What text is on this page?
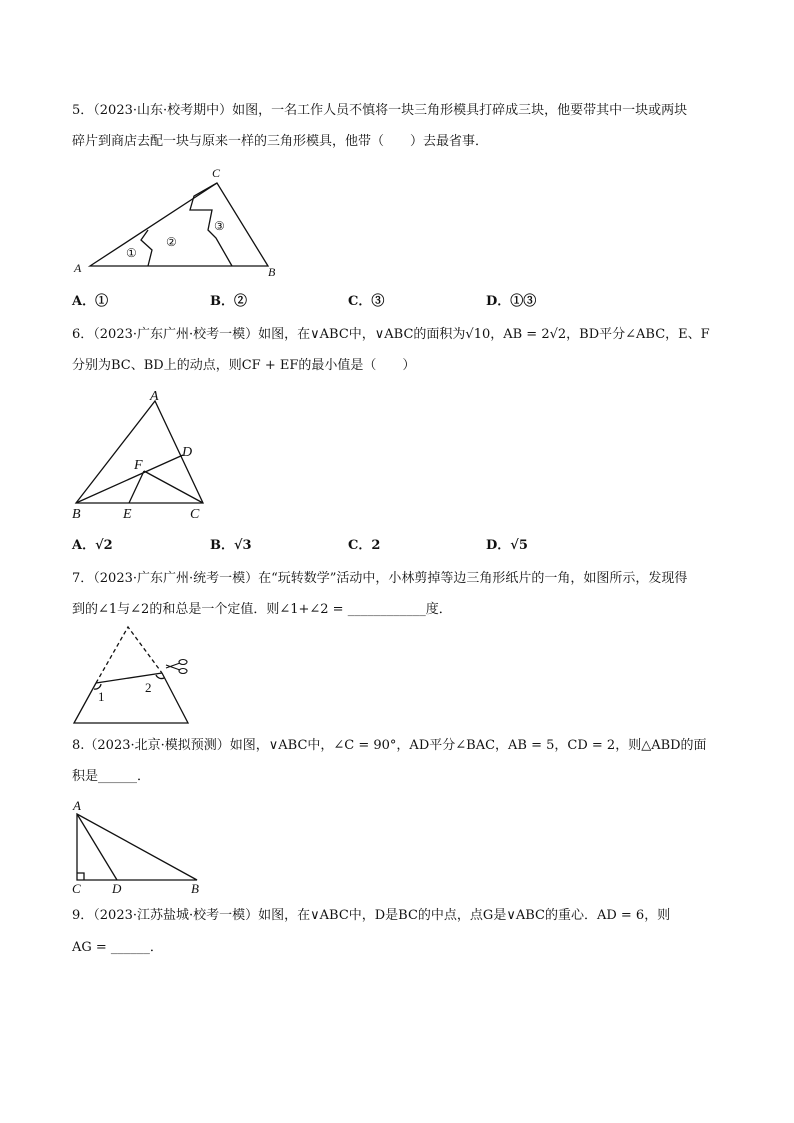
5．（2023·山东·校考期中）如图，一名工作人员不慎将一块三角形模具打碎成三块，他要带其中一块或两块
碎片到商店去配一块与原来一样的三角形模具，他带（　　）去最省事．
A	B
C
①
②
③
A．①	B．②	C．③	D．①③
6．（2023·广东广州·校考一模）如图，在∨ABC中，∨ABC的面积为√10，AB = 2√2，BD平分∠ABC，E、F
分别为BC、BD上的动点，则CF + EF的最小值是（　　）
A
B	C
D
E
F
A．√2	B．√3	C．2	D．√5
7．（2023·广东广州·统考一模）在“玩转数学”活动中，小林剪掉等边三角形纸片的一角，如图所示，发现得
到的∠1与∠2的和总是一个定值．则∠1+∠2 = ____________度．
1
2
8.（2023·北京·模拟预测）如图，∨ABC中，∠C = 90°，AD平分∠BAC，AB = 5，CD = 2，则△ABD的面
积是______．
A
B
C D
9．（2023·江苏盐城·校考一模）如图，在∨ABC中，D是BC的中点，点G是∨ABC的重心．AD = 6，则
AG = ______．
